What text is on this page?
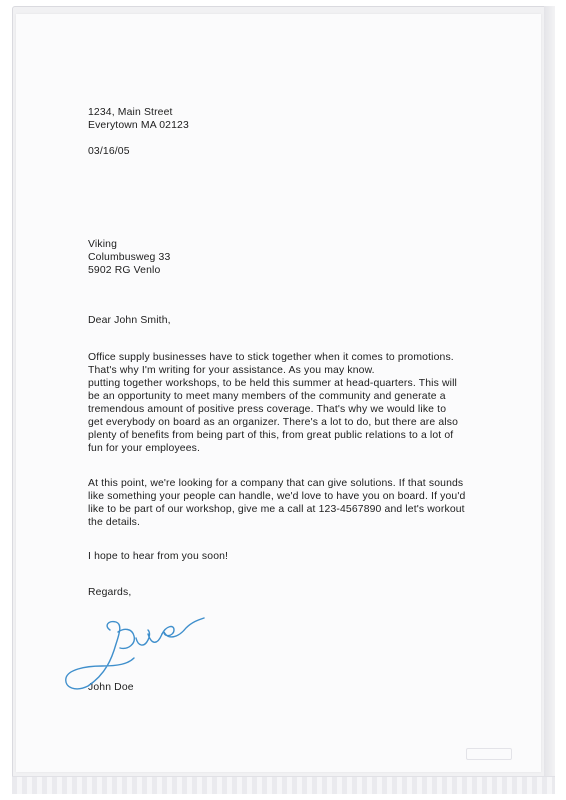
1234, Main Street
Everytown MA 02123
03/16/05
Viking
Columbusweg 33
5902 RG Venlo
Dear John Smith,
Office supply businesses have to stick together when it comes to promotions.
That's why I'm writing for your assistance. As you may know.
putting together workshops, to be held this summer at head-quarters. This will
be an opportunity to meet many members of the community and generate a
tremendous amount of positive press coverage. That's why we would like to
get everybody on board as an organizer. There's a lot to do, but there are also
plenty of benefits from being part of this, from great public relations to a lot of
fun for your employees.
At this point, we're looking for a company that can give solutions. If that sounds
like something your people can handle, we'd love to have you on board. If you'd
like to be part of our workshop, give me a call at 123-4567890 and let's workout
the details.
I hope to hear from you soon!
Regards,
John Doe
